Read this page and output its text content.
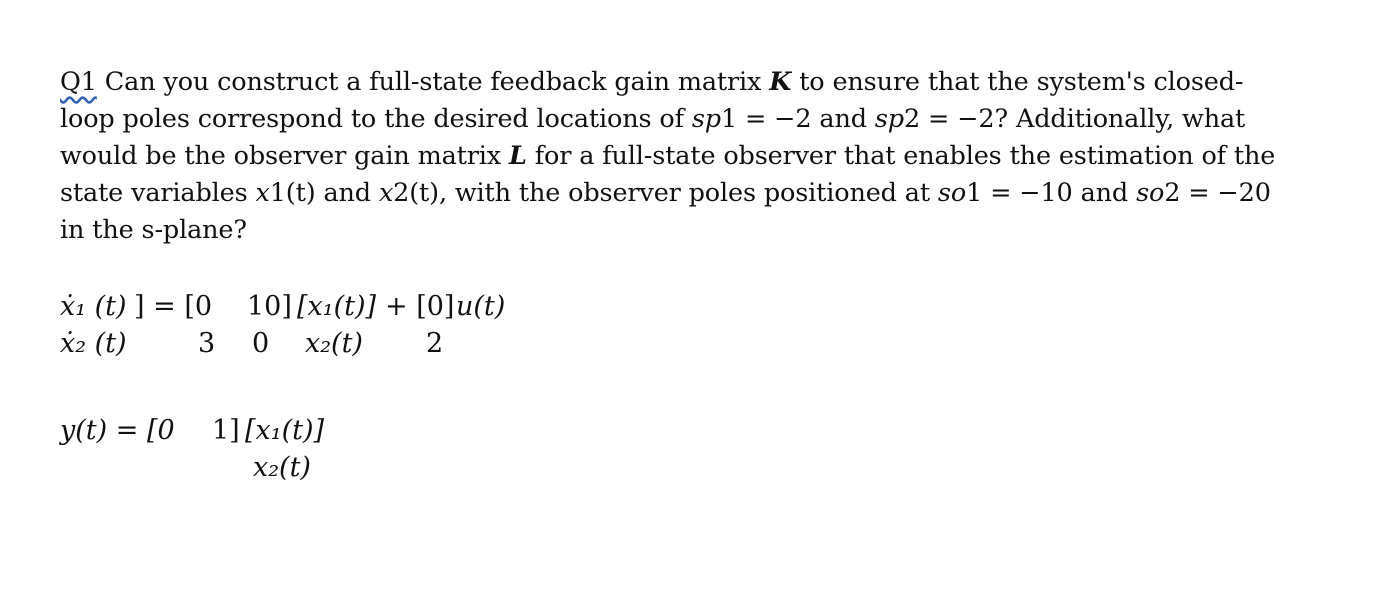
Q1 Can you construct a full-state feedback gain matrix K to ensure that the system's closed-loop poles correspond to the desired locations of sp1 = −2 and sp2 = −2? Additionally, what would be the observer gain matrix L for a full-state observer that enables the estimation of the state variables x1(t) and x2(t), with the observer poles positioned at so1 = −10 and so2 = −20 in the s-plane?
ẋ₁ (t) ] = [0 10] [x₁(t)] + [0] u(t)
ẋ₂ (t)	3 0 x₂(t) 2
y(t) = [0 1] [x₁(t)]
x₂(t)
